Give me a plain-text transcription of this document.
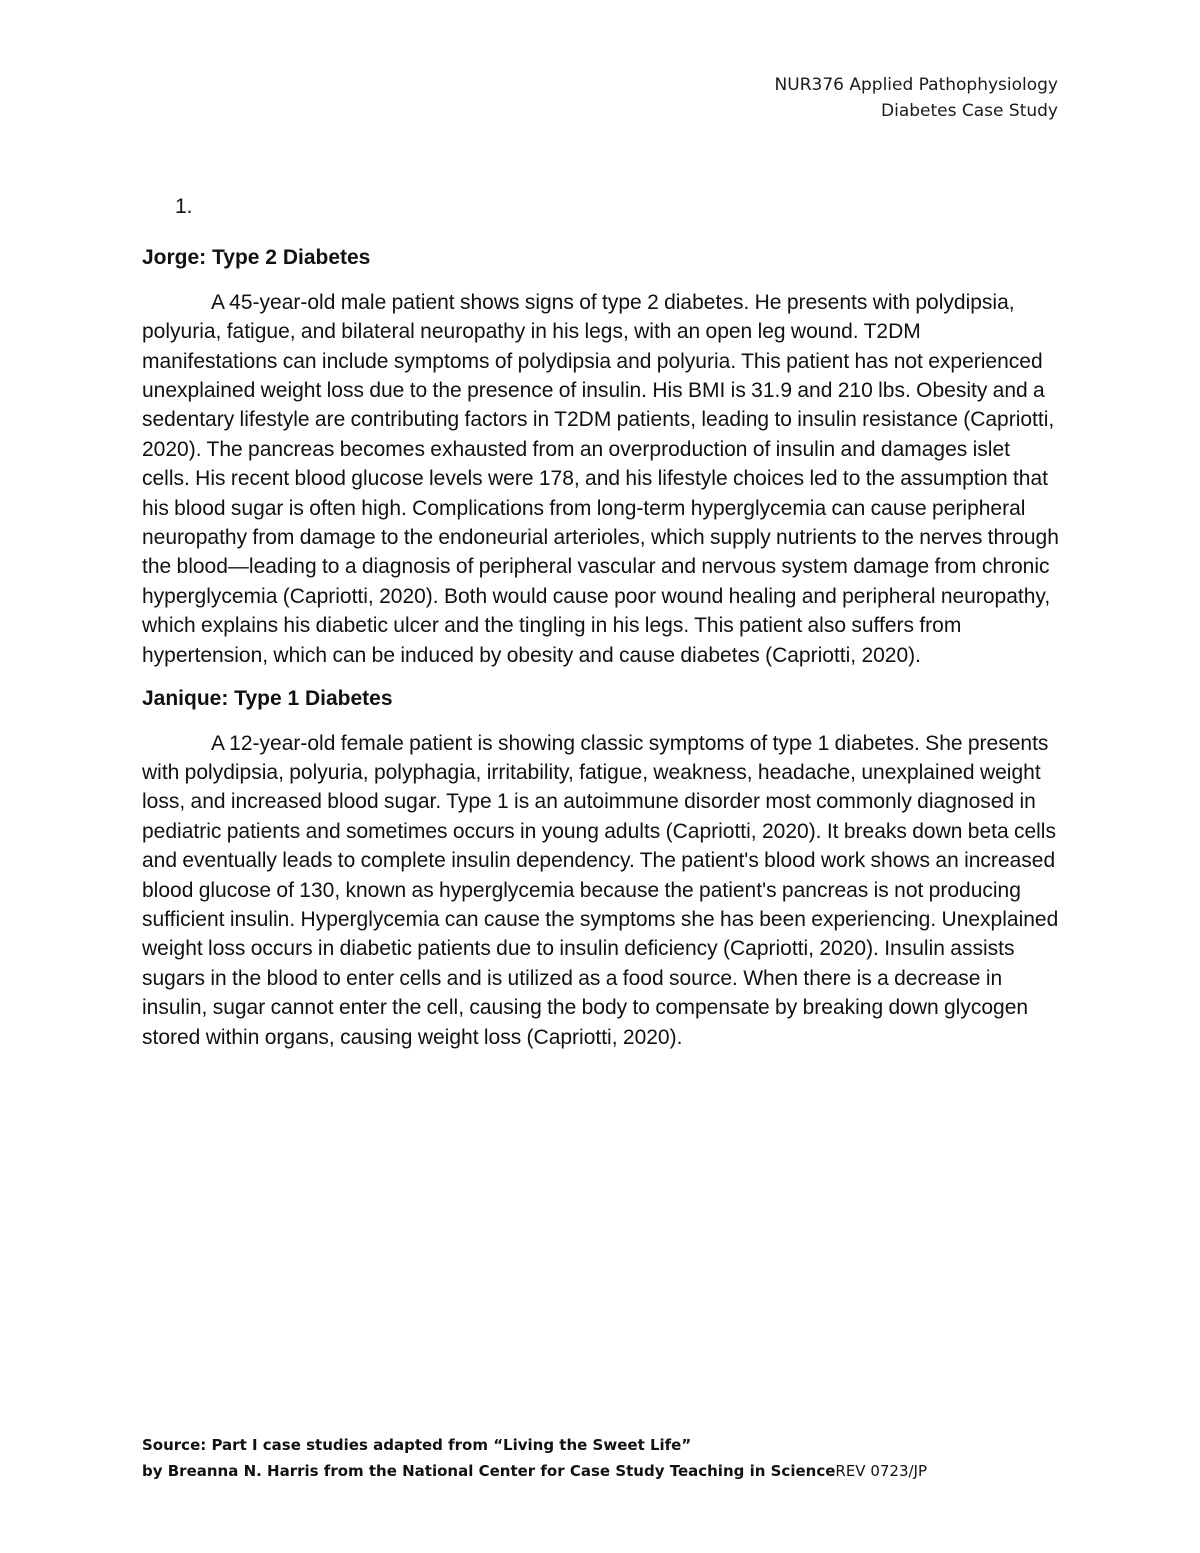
NUR376 Applied Pathophysiology
Diabetes Case Study
1.
Jorge: Type 2 Diabetes

A 45-year-old male patient shows signs of type 2 diabetes. He presents with polydipsia, polyuria, fatigue, and bilateral neuropathy in his legs, with an open leg wound. T2DM manifestations can include symptoms of polydipsia and polyuria. This patient has not experienced unexplained weight loss due to the presence of insulin. His BMI is 31.9 and 210 lbs. Obesity and a sedentary lifestyle are contributing factors in T2DM patients, leading to insulin resistance (Capriotti, 2020). The pancreas becomes exhausted from an overproduction of insulin and damages islet cells. His recent blood glucose levels were 178, and his lifestyle choices led to the assumption that his blood sugar is often high. Complications from long-term hyperglycemia can cause peripheral neuropathy from damage to the endoneurial arterioles, which supply nutrients to the nerves through the blood—leading to a diagnosis of peripheral vascular and nervous system damage from chronic hyperglycemia (Capriotti, 2020). Both would cause poor wound healing and peripheral neuropathy, which explains his diabetic ulcer and the tingling in his legs. This patient also suffers from hypertension, which can be induced by obesity and cause diabetes (Capriotti, 2020).

Janique: Type 1 Diabetes

A 12-year-old female patient is showing classic symptoms of type 1 diabetes. She presents with polydipsia, polyuria, polyphagia, irritability, fatigue, weakness, headache, unexplained weight loss, and increased blood sugar. Type 1 is an autoimmune disorder most commonly diagnosed in pediatric patients and sometimes occurs in young adults (Capriotti, 2020). It breaks down beta cells and eventually leads to complete insulin dependency. The patient's blood work shows an increased blood glucose of 130, known as hyperglycemia because the patient's pancreas is not producing sufficient insulin. Hyperglycemia can cause the symptoms she has been experiencing. Unexplained weight loss occurs in diabetic patients due to insulin deficiency (Capriotti, 2020). Insulin assists sugars in the blood to enter cells and is utilized as a food source. When there is a decrease in insulin, sugar cannot enter the cell, causing the body to compensate by breaking down glycogen stored within organs, causing weight loss (Capriotti, 2020).

Source: Part I case studies adapted from “Living the Sweet Life”
by Breanna N. Harris from the National Center for Case Study Teaching in ScienceREV 0723/JP
